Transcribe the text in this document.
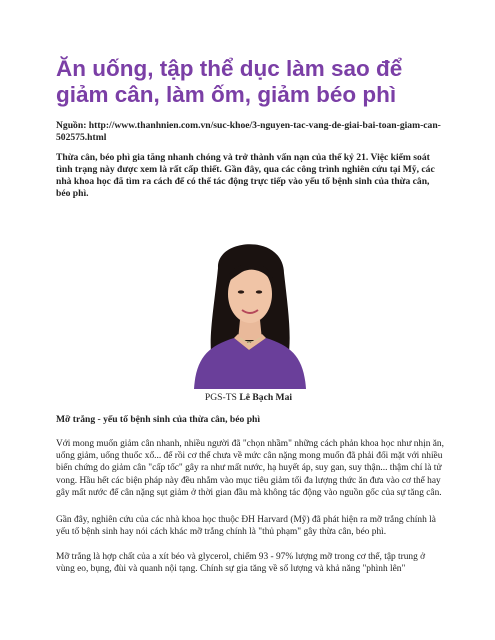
Ăn uống, tập thể dục làm sao để giảm cân, làm ốm, giảm béo phì
Nguồn: http://www.thanhnien.com.vn/suc-khoe/3-nguyen-tac-vang-de-giai-bai-toan-giam-can-502575.html
Thừa cân, béo phì gia tăng nhanh chóng và trở thành vấn nạn của thế kỷ 21. Việc kiểm soát tình trạng này được xem là rất cấp thiết. Gần đây, qua các công trình nghiên cứu tại Mỹ, các nhà khoa học đã tìm ra cách để có thể tác động trực tiếp vào yếu tố bệnh sinh của thừa cân, béo phì.
PGS-TS Lê Bạch Mai
Mỡ trắng - yếu tố bệnh sinh của thừa cân, béo phì

Với mong muốn giảm cân nhanh, nhiều người đã "chọn nhầm" những cách phản khoa học như nhịn ăn, uống giảm, uống thuốc xổ... để rồi cơ thể chưa về mức cân nặng mong muốn đã phải đối mặt với nhiều biến chứng do giảm cân "cấp tốc" gây ra như mất nước, hạ huyết áp, suy gan, suy thận... thậm chí là tử vong. Hầu hết các biện pháp này đều nhắm vào mục tiêu giảm tối đa lượng thức ăn đưa vào cơ thể hay gây mất nước để cân nặng sụt giảm ở thời gian đầu mà không tác động vào nguồn gốc của sự tăng cân.

Gần đây, nghiên cứu của các nhà khoa học thuộc ĐH Harvard (Mỹ) đã phát hiện ra mỡ trắng chính là yếu tố bệnh sinh hay nói cách khác mỡ trắng chính là "thủ phạm" gây thừa cân, béo phì.

Mỡ trắng là hợp chất của a xít béo và glycerol, chiếm 93 - 97% lượng mỡ trong cơ thể, tập trung ở vùng eo, bụng, đùi và quanh nội tạng. Chính sự gia tăng về số lượng và khả năng "phình lên"
